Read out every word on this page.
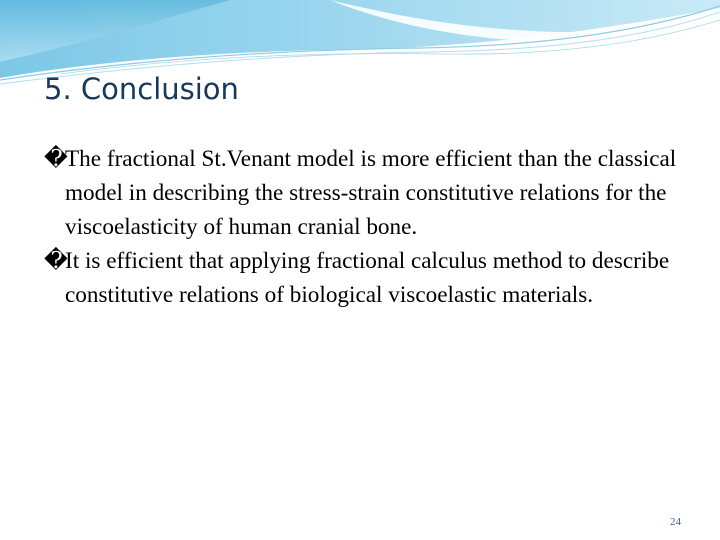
5. Conclusion
�
The fractional St.Venant model is more efficient than the classical model in describing the stress-strain constitutive relations for the viscoelasticity of human cranial bone.
�
It is efficient that applying fractional calculus method to describe constitutive relations of biological viscoelastic materials.
24
